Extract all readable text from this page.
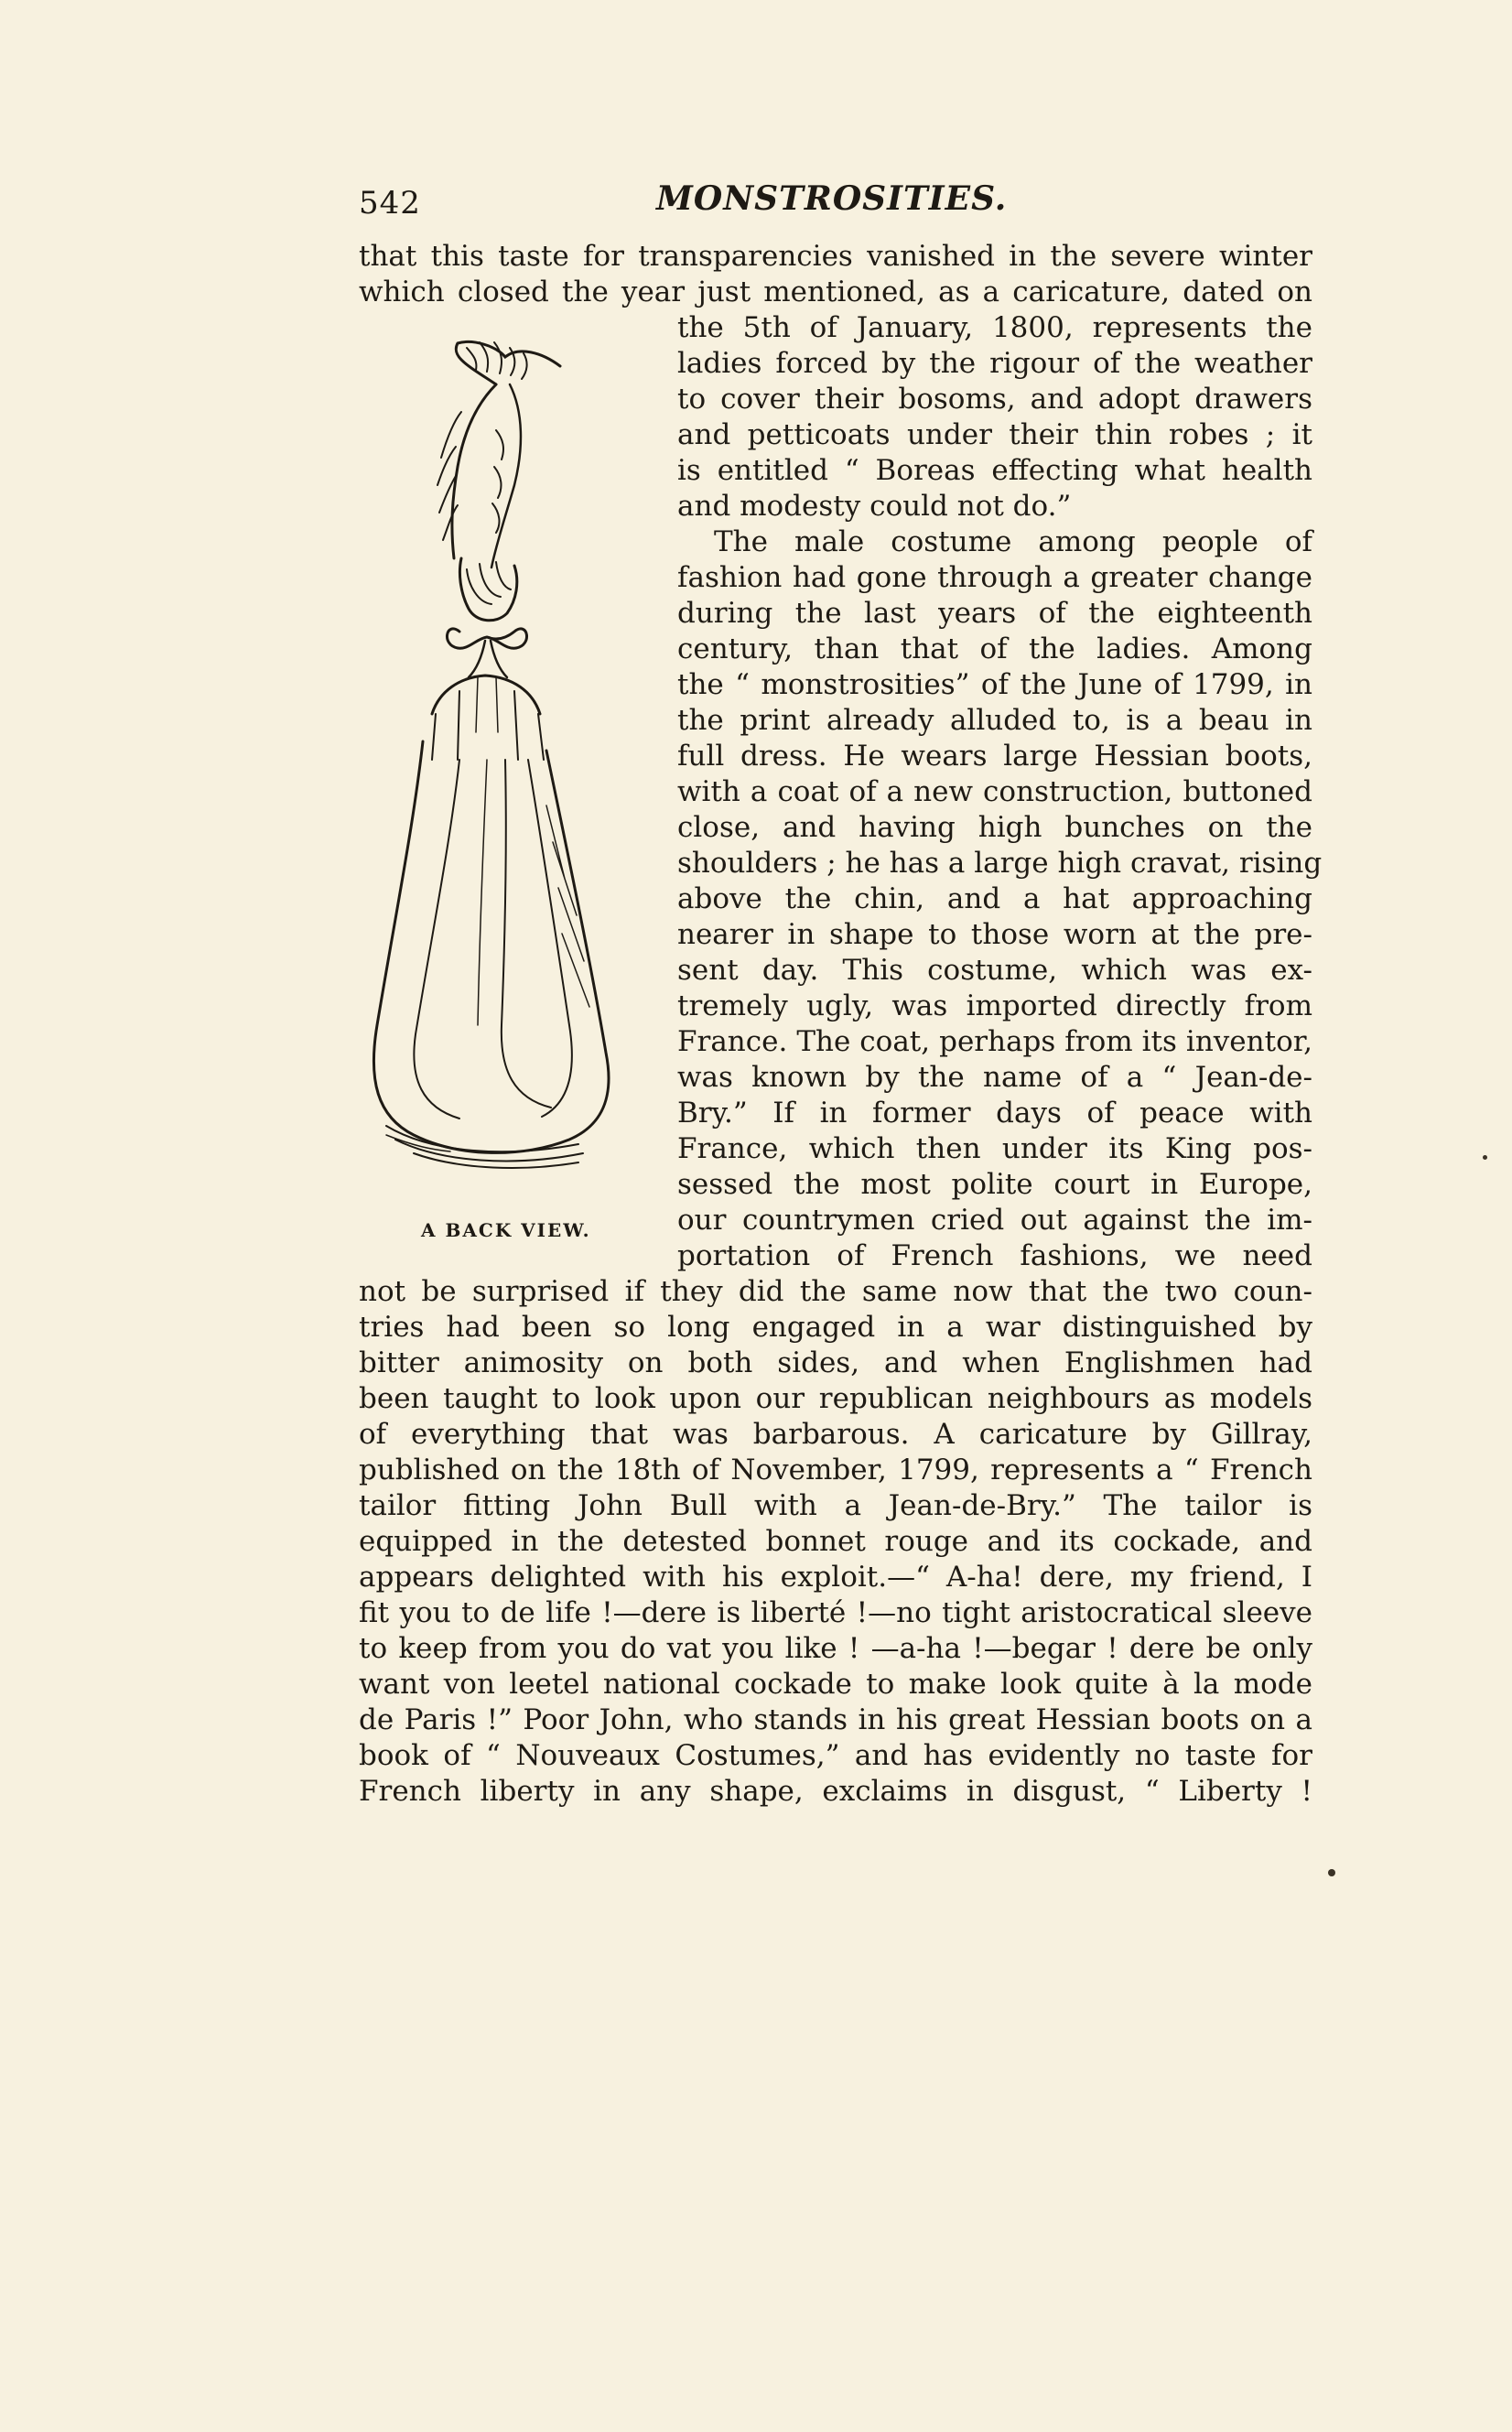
542	MONSTROSITIES.
that this taste for transparencies vanished in the severe winter
which closed the year just mentioned, as a caricature, dated on
the 5th of January, 1800, represents the
ladies forced by the rigour of the weather
to cover their bosoms, and adopt drawers
and petticoats under their thin robes ; it
is entitled “ Boreas effecting what health
and modesty could not do.”
The male costume among people of
fashion had gone through a greater change
during the last years of the eighteenth
century, than that of the ladies. Among
the “ monstrosities” of the June of 1799, in
the print already alluded to, is a beau in
full dress. He wears large Hessian boots,
with a coat of a new construction, buttoned
close, and having high bunches on the
shoulders ; he has a large high cravat, rising
above the chin, and a hat approaching
nearer in shape to those worn at the pre-
sent day. This costume, which was ex-
tremely ugly, was imported directly from
France. The coat, perhaps from its inventor,
was known by the name of a “ Jean-de-
Bry.” If in former days of peace with
France, which then under its King pos-
sessed the most polite court in Europe,
our countrymen cried out against the im-
portation of French fashions, we need
not be surprised if they did the same now that the two coun-
tries had been so long engaged in a war distinguished by
bitter animosity on both sides, and when Englishmen had
been taught to look upon our republican neighbours as models
of everything that was barbarous. A caricature by Gillray,
published on the 18th of November, 1799, represents a “ French
tailor fitting John Bull with a Jean-de-Bry.” The tailor is
equipped in the detested bonnet rouge and its cockade, and
appears delighted with his exploit.—“ A-ha! dere, my friend, I
fit you to de life !—dere is liberté !—no tight aristocratical sleeve
to keep from you do vat you like ! —a-ha !—begar ! dere be only
want von leetel national cockade to make look quite à la mode
de Paris !” Poor John, who stands in his great Hessian boots on a
book of “ Nouveaux Costumes,” and has evidently no taste for
French liberty in any shape, exclaims in disgust, “ Liberty !
A BACK VIEW.
